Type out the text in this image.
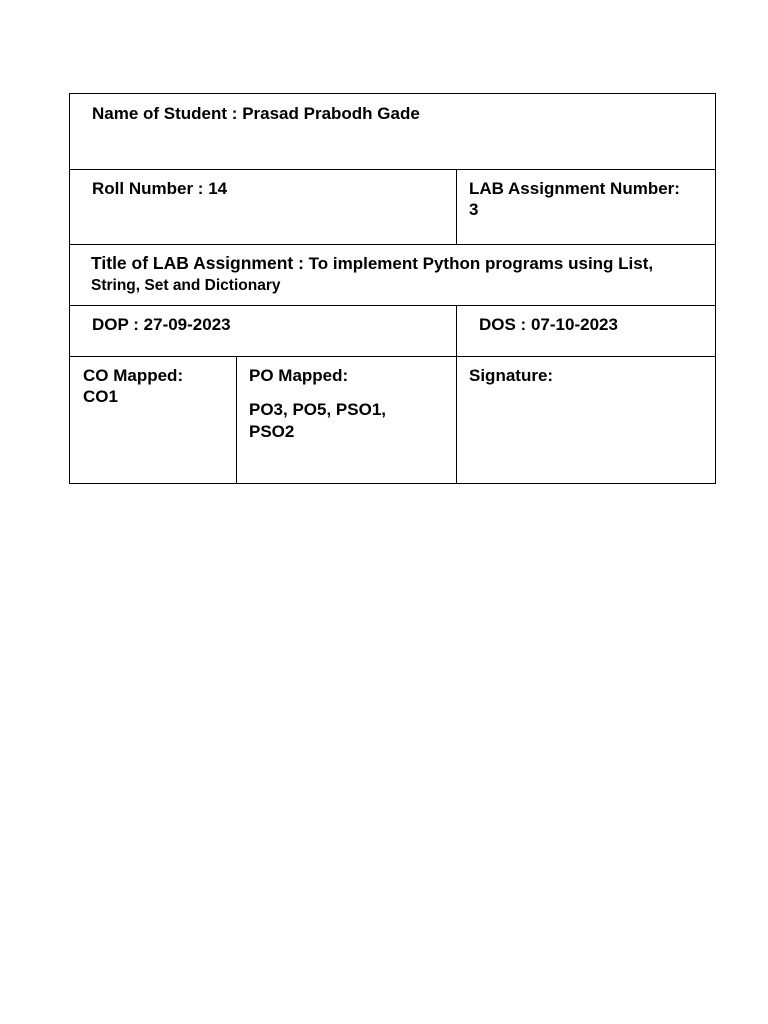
Name of Student : Prasad Prabodh Gade
Roll Number : 14	LAB Assignment Number:
3
Title of LAB Assignment : To implement Python programs using List,
String, Set and Dictionary
DOP : 27-09-2023	DOS : 07-10-2023
CO Mapped:
CO1
PO Mapped:
PO3, PO5, PSO1,
PSO2
Signature:
